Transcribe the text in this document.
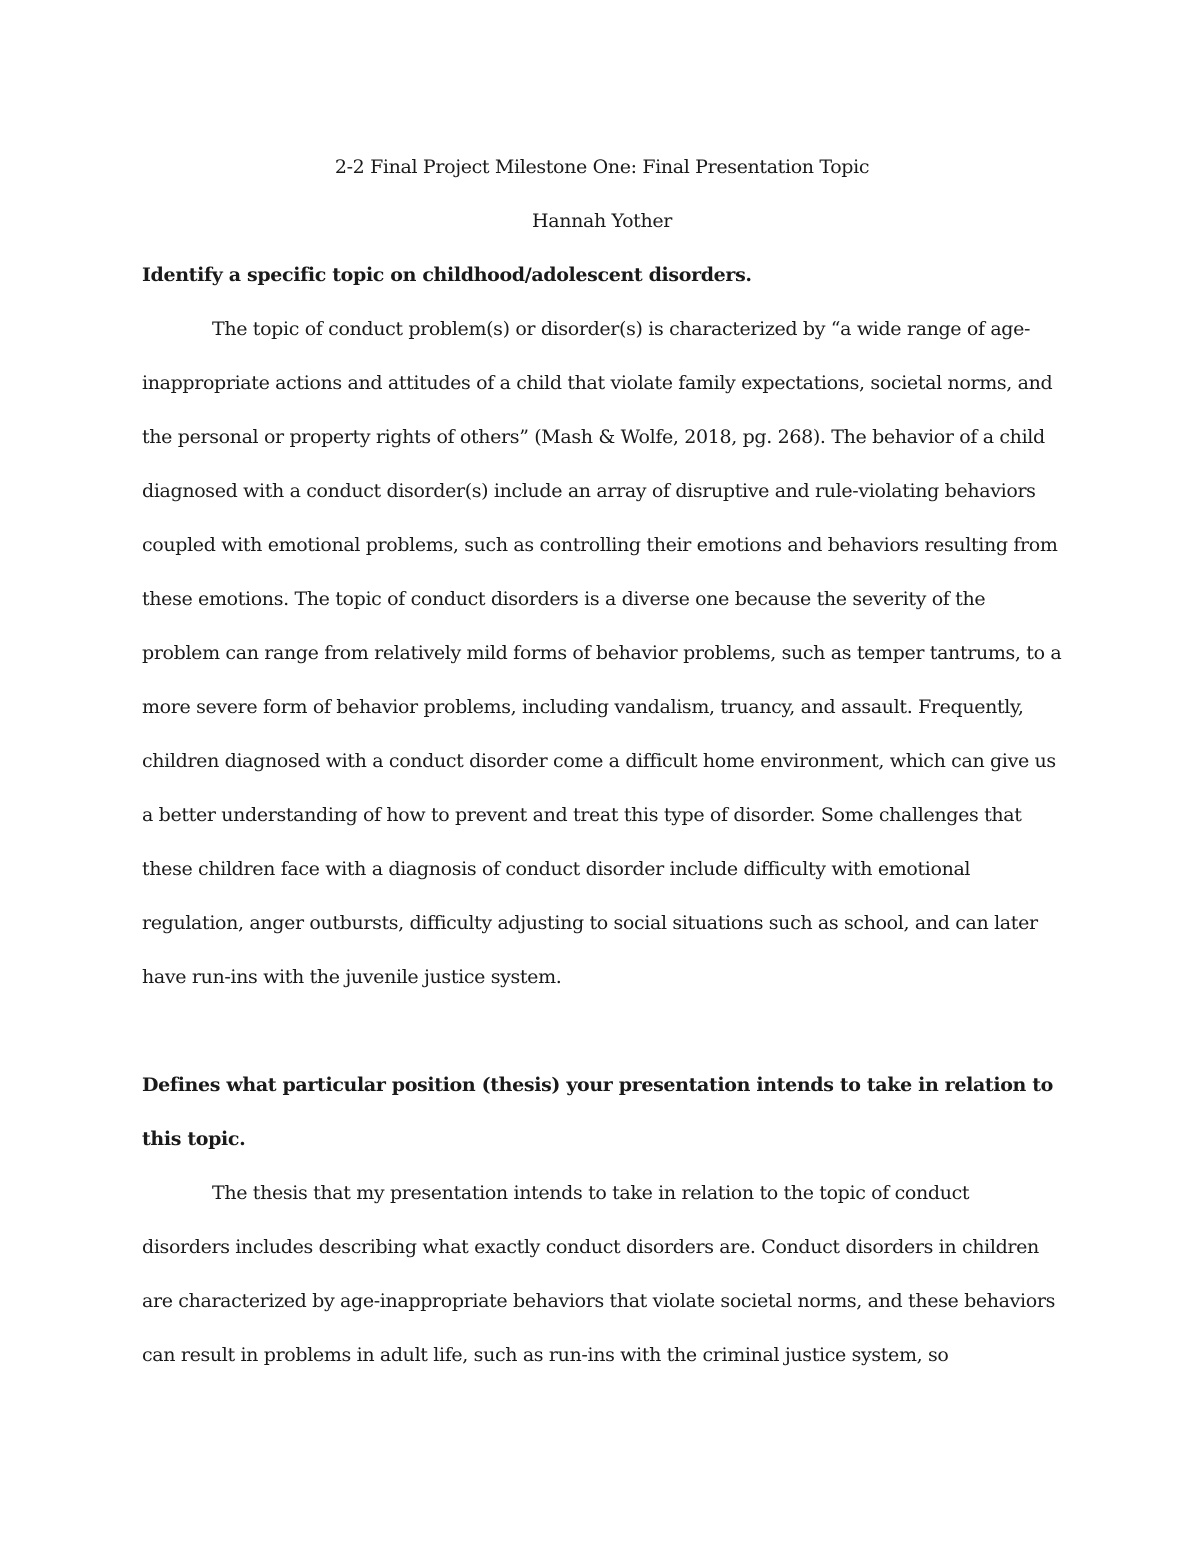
2-2 Final Project Milestone One: Final Presentation Topic

Hannah Yother

Identify a specific topic on childhood/adolescent disorders.

The topic of conduct problem(s) or disorder(s) is characterized by “a wide range of age-inappropriate actions and attitudes of a child that violate family expectations, societal norms, and the personal or property rights of others” (Mash & Wolfe, 2018, pg. 268). The behavior of a child diagnosed with a conduct disorder(s) include an array of disruptive and rule-violating behaviors coupled with emotional problems, such as controlling their emotions and behaviors resulting from these emotions. The topic of conduct disorders is a diverse one because the severity of the problem can range from relatively mild forms of behavior problems, such as temper tantrums, to a more severe form of behavior problems, including vandalism, truancy, and assault. Frequently, children diagnosed with a conduct disorder come a difficult home environment, which can give us a better understanding of how to prevent and treat this type of disorder. Some challenges that these children face with a diagnosis of conduct disorder include difficulty with emotional regulation, anger outbursts, difficulty adjusting to social situations such as school, and can later have run-ins with the juvenile justice system.

Defines what particular position (thesis) your presentation intends to take in relation to this topic.

The thesis that my presentation intends to take in relation to the topic of conduct disorders includes describing what exactly conduct disorders are. Conduct disorders in children are characterized by age-inappropriate behaviors that violate societal norms, and these behaviors can result in problems in adult life, such as run-ins with the criminal justice system, so
